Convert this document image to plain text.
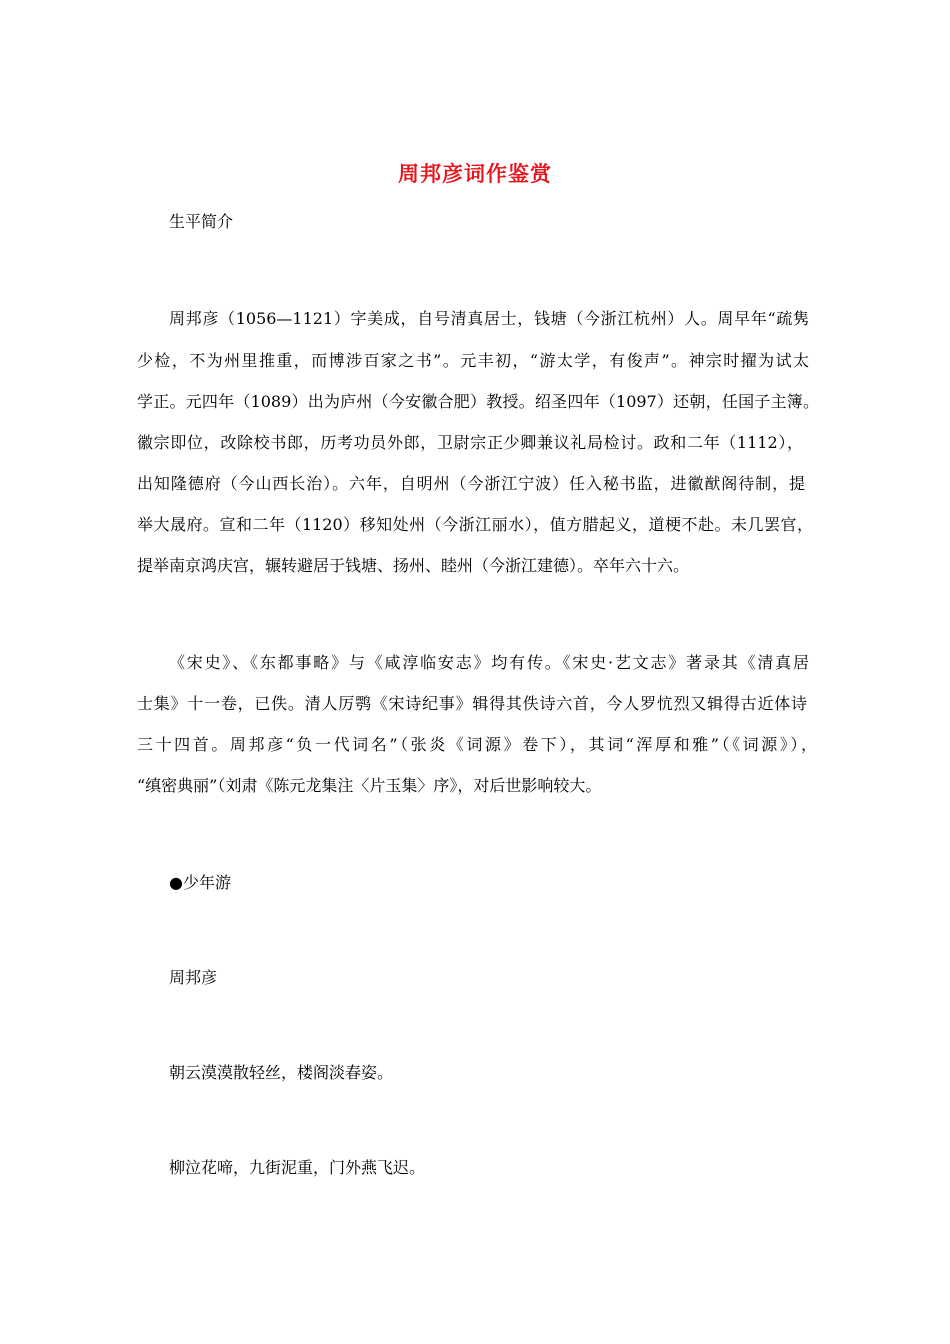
周邦彦词作鉴赏
生平简介
周邦彦（1056—1121）字美成，自号清真居士，钱塘（今浙江杭州）人。周早年“疏隽
少检，不为州里推重，而博涉百家之书”。元丰初，“游太学，有俊声”。神宗时擢为试太
学正。元四年（1089）出为庐州（今安徽合肥）教授。绍圣四年（1097）还朝，任国子主簿。
徽宗即位，改除校书郎，历考功员外郎，卫尉宗正少卿兼议礼局检讨。政和二年（1112），
出知隆德府（今山西长治）。六年，自明州（今浙江宁波）任入秘书监，进徽猷阁待制，提
举大晟府。宣和二年（1120）移知处州（今浙江丽水），值方腊起义，道梗不赴。未几罢官，
提举南京鸿庆宫，辗转避居于钱塘、扬州、睦州（今浙江建德）。卒年六十六。
《宋史》、《东都事略》与《咸淳临安志》均有传。《宋史·艺文志》著录其《清真居
士集》十一卷，已佚。清人厉鹗《宋诗纪事》辑得其佚诗六首，今人罗忼烈又辑得古近体诗
三十四首。周邦彦“负一代词名”（张炎《词源》卷下），其词“浑厚和雅”（《词源》），
“缜密典丽”（刘肃《陈元龙集注〈片玉集〉序》，对后世影响较大。
●少年游
周邦彦
朝云漠漠散轻丝，楼阁淡春姿。
柳泣花啼，九街泥重，门外燕飞迟。
